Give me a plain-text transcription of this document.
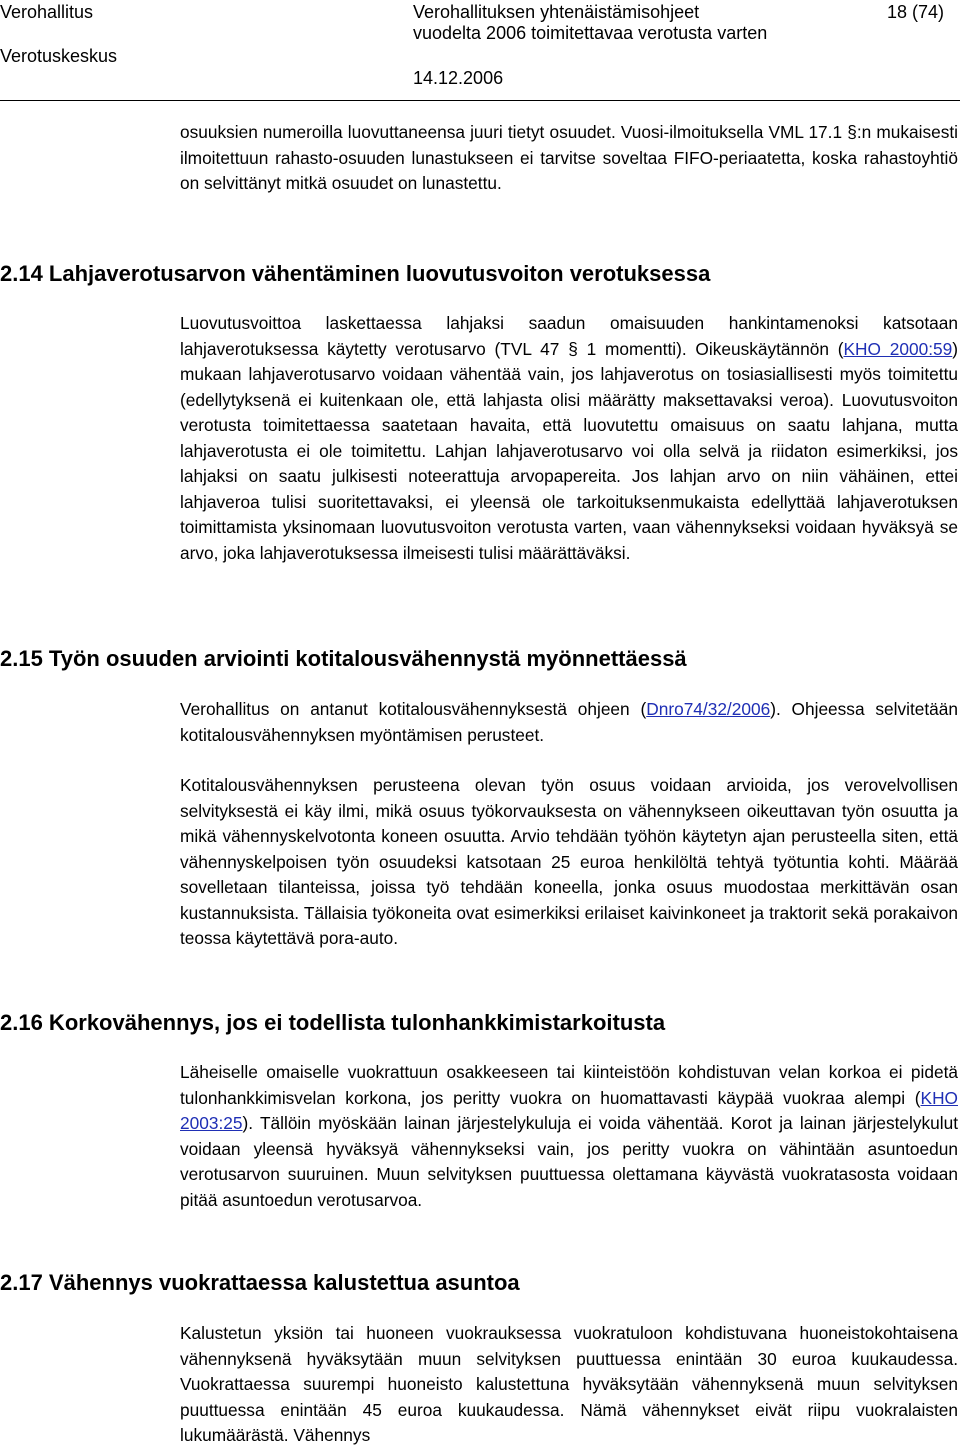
Verohallitus
Verotuskeskus
Verohallituksen yhtenäistämisohjeet
vuodelta 2006 toimitettavaa verotusta varten
14.12.2006
18 (74)

osuuksien numeroilla luovuttaneensa juuri tietyt osuudet. Vuosi-ilmoituksella VML 17.1 §:n mukaisesti ilmoitettuun rahasto-osuuden lunastukseen ei tarvitse soveltaa FIFO-periaatetta, koska rahastoyhtiö on selvittänyt mitkä osuudet on lunastettu.

2.14 Lahjaverotusarvon vähentäminen luovutusvoiton verotuksessa

Luovutusvoittoa laskettaessa lahjaksi saadun omaisuuden hankintamenoksi katsotaan lahjaverotuksessa käytetty verotusarvo (TVL 47 § 1 momentti). Oikeuskäytännön (KHO 2000:59) mukaan lahjaverotusarvo voidaan vähentää vain, jos lahjaverotus on tosiasiallisesti myös toimitettu (edellytyksenä ei kuitenkaan ole, että lahjasta olisi määrätty maksettavaksi veroa). Luovutusvoiton verotusta toimitettaessa saatetaan havaita, että luovutettu omaisuus on saatu lahjana, mutta lahjaverotusta ei ole toimitettu. Lahjan lahjaverotusarvo voi olla selvä ja riidaton esimerkiksi, jos lahjaksi on saatu julkisesti noteerattuja arvopapereita. Jos lahjan arvo on niin vähäinen, ettei lahjaveroa tulisi suoritettavaksi, ei yleensä ole tarkoituksenmukaista edellyttää lahjaverotuksen toimittamista yksinomaan luovutusvoiton verotusta varten, vaan vähennykseksi voidaan hyväksyä se arvo, joka lahjaverotuksessa ilmeisesti tulisi määrättäväksi.

2.15 Työn osuuden arviointi kotitalousvähennystä myönnettäessä

Verohallitus on antanut kotitalousvähennyksestä ohjeen (Dnro74/32/2006). Ohjeessa selvitetään kotitalousvähennyksen myöntämisen perusteet.

Kotitalousvähennyksen perusteena olevan työn osuus voidaan arvioida, jos verovelvollisen selvityksestä ei käy ilmi, mikä osuus työkorvauksesta on vähennykseen oikeuttavan työn osuutta ja mikä vähennyskelvotonta koneen osuutta. Arvio tehdään työhön käytetyn ajan perusteella siten, että vähennyskelpoisen työn osuudeksi katsotaan 25 euroa henkilöltä tehtyä työtuntia kohti. Määrää sovelletaan tilanteissa, joissa työ tehdään koneella, jonka osuus muodostaa merkittävän osan kustannuksista. Tällaisia työkoneita ovat esimerkiksi erilaiset kaivinkoneet ja traktorit sekä porakaivon teossa käytettävä pora-auto.

2.16 Korkovähennys, jos ei todellista tulonhankkimistarkoitusta

Läheiselle omaiselle vuokrattuun osakkeeseen tai kiinteistöön kohdistuvan velan korkoa ei pidetä tulonhankkimisvelan korkona, jos peritty vuokra on huomattavasti käypää vuokraa alempi (KHO 2003:25). Tällöin myöskään lainan järjestelykuluja ei voida vähentää. Korot ja lainan järjestelykulut voidaan yleensä hyväksyä vähennykseksi vain, jos peritty vuokra on vähintään asuntoedun verotusarvon suuruinen. Muun selvityksen puuttuessa olettamana käyvästä vuokratasosta voidaan pitää asuntoedun verotusarvoa.

2.17 Vähennys vuokrattaessa kalustettua asuntoa

Kalustetun yksiön tai huoneen vuokrauksessa vuokratuloon kohdistuvana huoneistokohtaisena vähennyksenä hyväksytään muun selvityksen puuttuessa enintään 30 euroa kuukaudessa. Vuokrattaessa suurempi huoneisto kalustettuna hyväksytään vähennyksenä muun selvityksen puuttuessa enintään 45 euroa kuukaudessa. Nämä vähennykset eivät riipu vuokralaisten lukumäärästä. Vähennys
